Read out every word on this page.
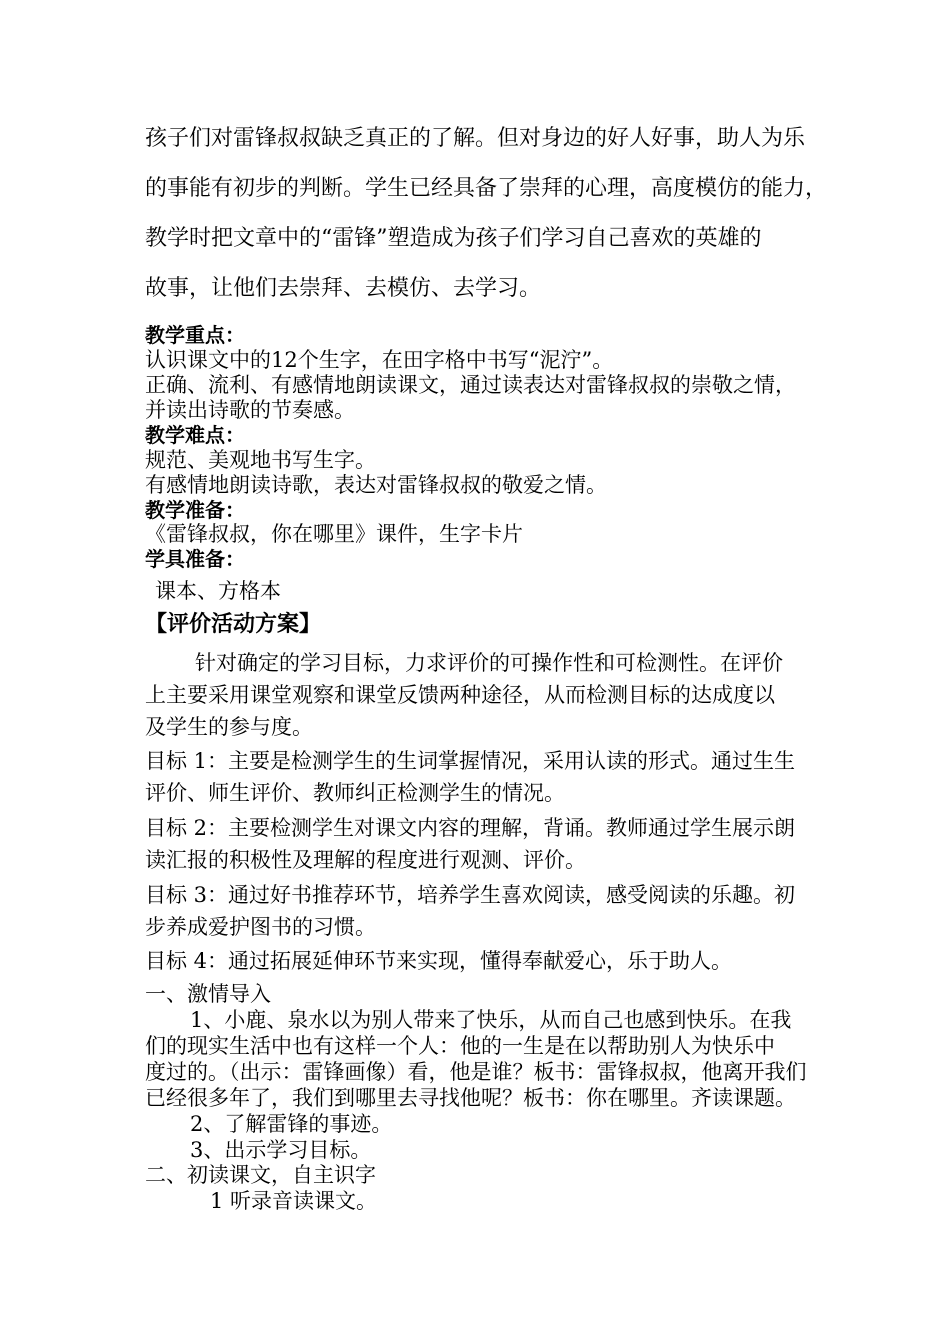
孩子们对雷锋叔叔缺乏真正的了解。但对身边的好人好事，助人为乐
的事能有初步的判断。学生已经具备了崇拜的心理，高度模仿的能力，
教学时把文章中的“雷锋”塑造成为孩子们学习自己喜欢的英雄的
故事，让他们去崇拜、去模仿、去学习。
教学重点：
认识课文中的12个生字，在田字格中书写“泥泞”。
正确、流利、有感情地朗读课文，通过读表达对雷锋叔叔的崇敬之情，
并读出诗歌的节奏感。
教学难点：
规范、美观地书写生字。
有感情地朗读诗歌，表达对雷锋叔叔的敬爱之情。
教学准备：
《雷锋叔叔，你在哪里》课件，生字卡片
学具准备：
课本、方格本
【评价活动方案】
针对确定的学习目标，力求评价的可操作性和可检测性。在评价
上主要采用课堂观察和课堂反馈两种途径，从而检测目标的达成度以
及学生的参与度。
目标 1：主要是检测学生的生词掌握情况，采用认读的形式。通过生生
评价、师生评价、教师纠正检测学生的情况。
目标 2：主要检测学生对课文内容的理解，背诵。教师通过学生展示朗
读汇报的积极性及理解的程度进行观测、评价。
目标 3：通过好书推荐环节，培养学生喜欢阅读，感受阅读的乐趣。初
步养成爱护图书的习惯。
目标 4：通过拓展延伸环节来实现，懂得奉献爱心，乐于助人。
一、激情导入
1、小鹿、泉水以为别人带来了快乐，从而自己也感到快乐。在我
们的现实生活中也有这样一个人：他的一生是在以帮助别人为快乐中
度过的。（出示：雷锋画像）看，他是谁？板书：雷锋叔叔，他离开我们
已经很多年了，我们到哪里去寻找他呢？板书：你在哪里。齐读课题。
2、了解雷锋的事迹。
3、出示学习目标。
二、初读课文，自主识字
1 听录音读课文。
